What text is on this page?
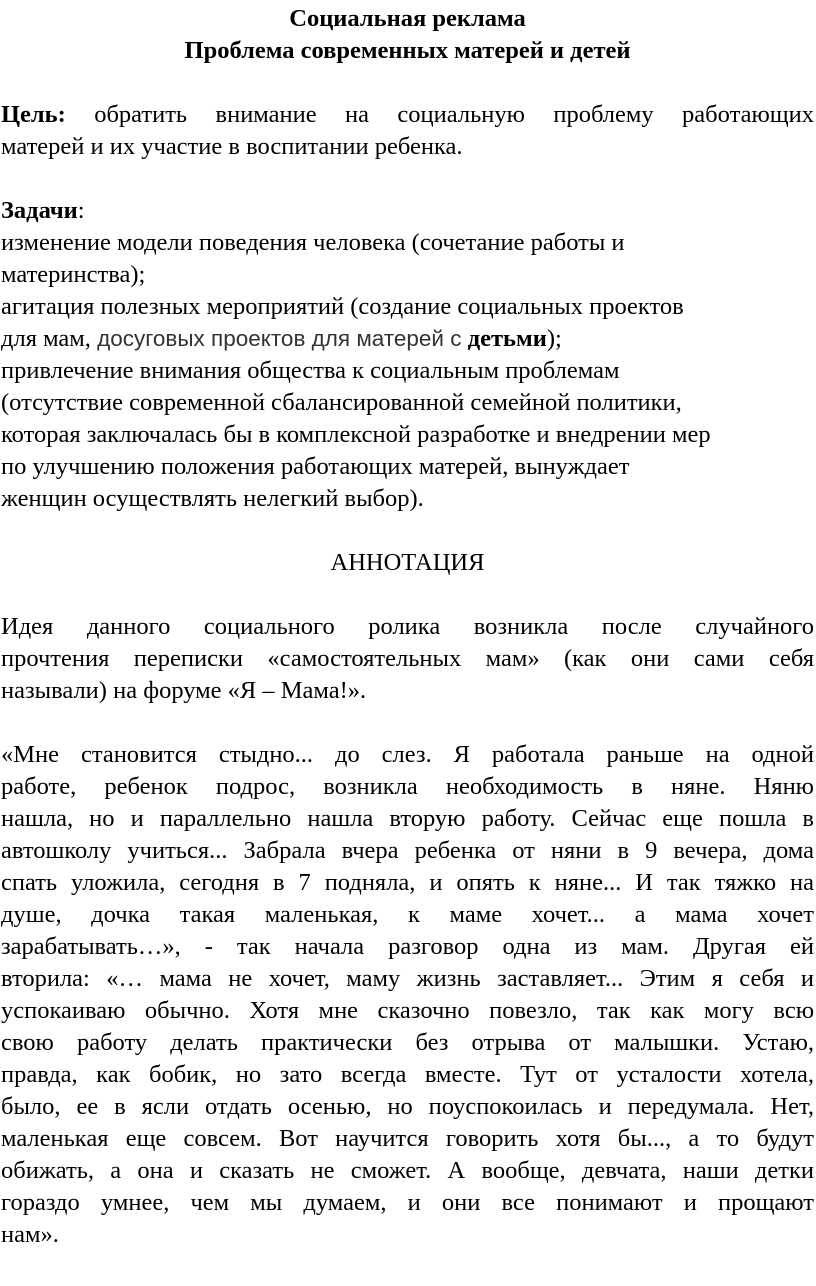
Социальная реклама

Проблема современных матерей и детей

Цель: обратить внимание на социальную проблему работающих

матерей и их участие в воспитании ребенка.

Задачи:

изменение модели поведения человека (сочетание работы и

материнства);

агитация полезных мероприятий (создание социальных проектов

для мам, досуговых проектов для матерей с детьми);

привлечение внимания общества к социальным проблемам

(отсутствие современной сбалансированной семейной политики,

которая заключалась бы в комплексной разработке и внедрении мер

по улучшению положения работающих матерей, вынуждает

женщин осуществлять нелегкий выбор).

АННОТАЦИЯ

Идея данного социального ролика возникла после случайного

прочтения переписки «самостоятельных мам» (как они сами себя

называли) на форуме «Я – Мама!».

«Мне становится стыдно... до слез. Я работала раньше на одной

работе, ребенок подрос, возникла необходимость в няне. Няню

нашла, но и параллельно нашла вторую работу. Сейчас еще пошла в

автошколу учиться... Забрала вчера ребенка от няни в 9 вечера, дома

спать уложила, сегодня в 7 подняла, и опять к няне... И так тяжко на

душе, дочка такая маленькая, к маме хочет... а мама хочет

зарабатывать…», - так начала разговор одна из мам. Другая ей

вторила: «… мама не хочет, маму жизнь заставляет... Этим я себя и

успокаиваю обычно. Хотя мне сказочно повезло, так как могу всю

свою работу делать практически без отрыва от малышки. Устаю,

правда, как бобик, но зато всегда вместе. Тут от усталости хотела,

было, ее в ясли отдать осенью, но поуспокоилась и передумала. Нет,

маленькая еще совсем. Вот научится говорить хотя бы..., а то будут

обижать, а она и сказать не сможет. А вообще, девчата, наши детки

гораздо умнее, чем мы думаем, и они все понимают и прощают

нам».
